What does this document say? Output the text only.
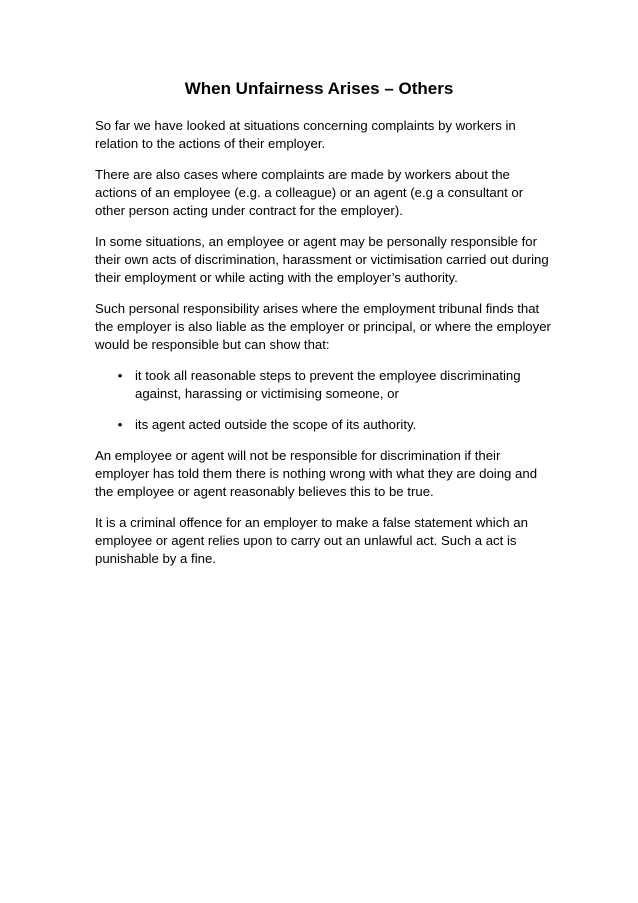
When Unfairness Arises – Others

So far we have looked at situations concerning complaints by workers in relation to the actions of their employer.

There are also cases where complaints are made by workers about the actions of an employee (e.g. a colleague) or an agent (e.g a consultant or other person acting under contract for the employer).

In some situations, an employee or agent may be personally responsible for their own acts of discrimination, harassment or victimisation carried out during their employment or while acting with the employer’s authority.

Such personal responsibility arises where the employment tribunal finds that the employer is also liable as the employer or principal, or where the employer would be responsible but can show that:

• it took all reasonable steps to prevent the employee discriminating against, harassing or victimising someone, or
• its agent acted outside the scope of its authority.

An employee or agent will not be responsible for discrimination if their employer has told them there is nothing wrong with what they are doing and the employee or agent reasonably believes this to be true.

It is a criminal offence for an employer to make a false statement which an employee or agent relies upon to carry out an unlawful act. Such a act is punishable by a fine.
